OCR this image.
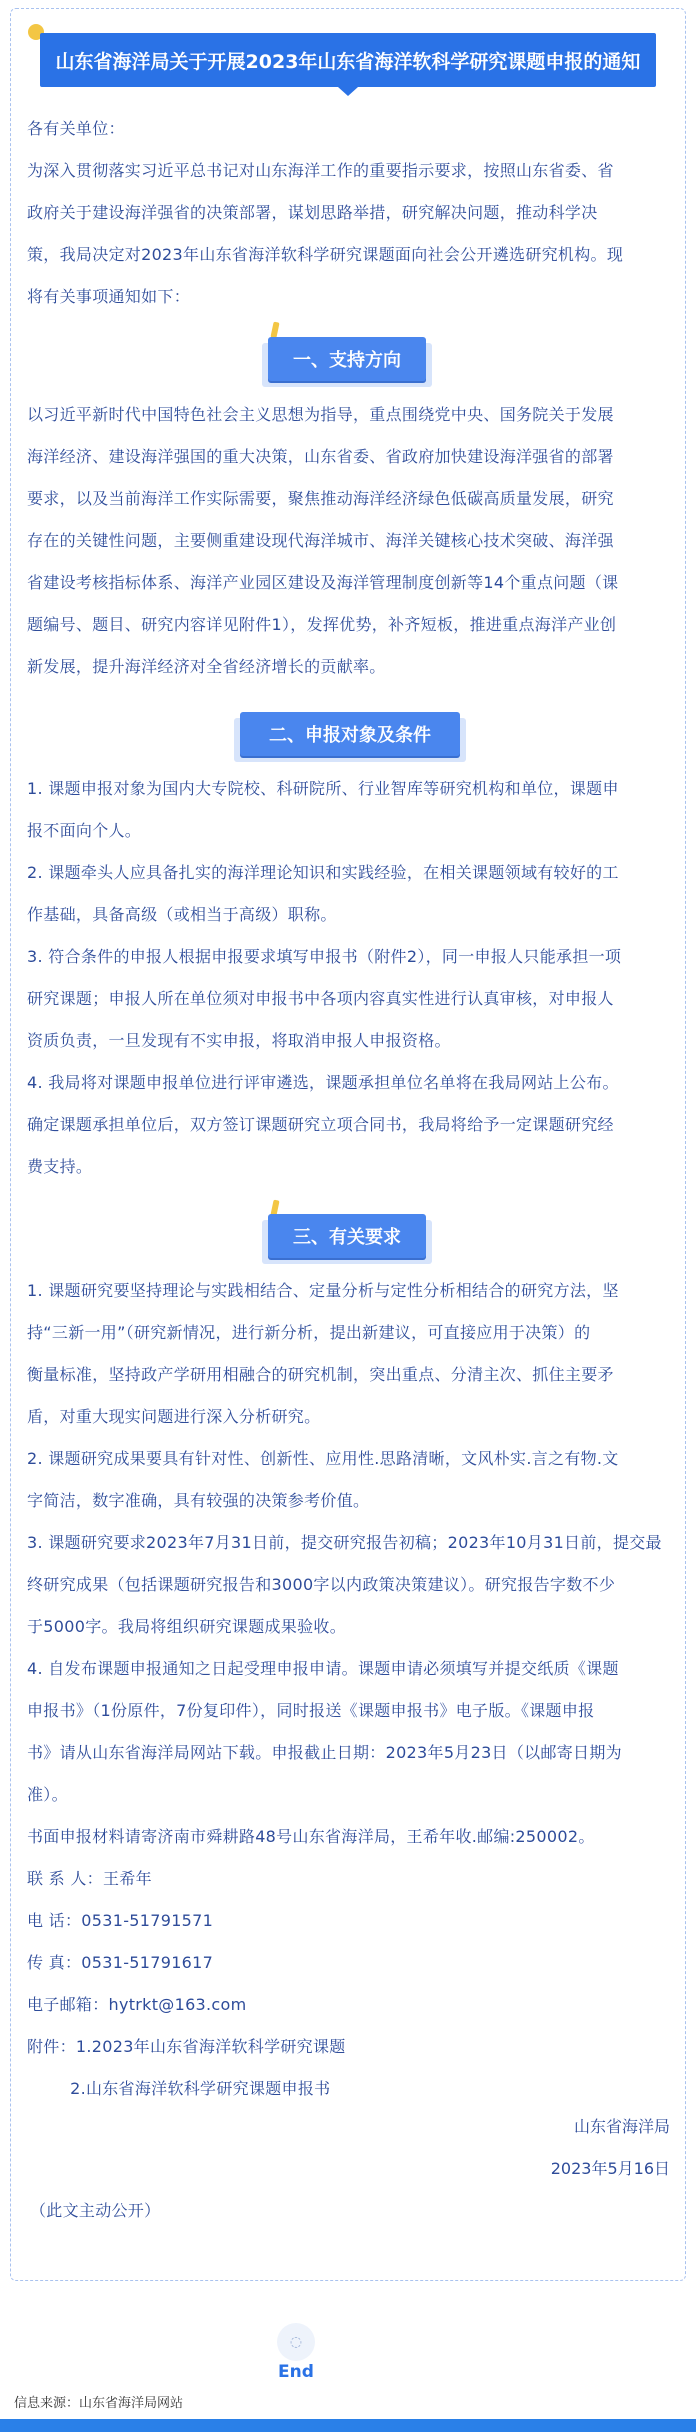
山东省海洋局关于开展2023年山东省海洋软科学研究课题申报的通知
各有关单位：
为深入贯彻落实习近平总书记对山东海洋工作的重要指示要求，按照山东省委、省
政府关于建设海洋强省的决策部署，谋划思路举措，研究解决问题，推动科学决
策，我局决定对2023年山东省海洋软科学研究课题面向社会公开遴选研究机构。现
将有关事项通知如下：
一、支持方向
以习近平新时代中国特色社会主义思想为指导，重点围绕党中央、国务院关于发展
海洋经济、建设海洋强国的重大决策，山东省委、省政府加快建设海洋强省的部署
要求，以及当前海洋工作实际需要，聚焦推动海洋经济绿色低碳高质量发展，研究
存在的关键性问题，主要侧重建设现代海洋城市、海洋关键核心技术突破、海洋强
省建设考核指标体系、海洋产业园区建设及海洋管理制度创新等14个重点问题（课
题编号、题目、研究内容详见附件1），发挥优势，补齐短板，推进重点海洋产业创
新发展，提升海洋经济对全省经济增长的贡献率。
二、申报对象及条件
1. 课题申报对象为国内大专院校、科研院所、行业智库等研究机构和单位，课题申
报不面向个人。
2. 课题牵头人应具备扎实的海洋理论知识和实践经验，在相关课题领域有较好的工
作基础，具备高级（或相当于高级）职称。
3. 符合条件的申报人根据申报要求填写申报书（附件2），同一申报人只能承担一项
研究课题；申报人所在单位须对申报书中各项内容真实性进行认真审核，对申报人
资质负责，一旦发现有不实申报，将取消申报人申报资格。
4. 我局将对课题申报单位进行评审遴选，课题承担单位名单将在我局网站上公布。
确定课题承担单位后，双方签订课题研究立项合同书，我局将给予一定课题研究经
费支持。
三、有关要求
1. 课题研究要坚持理论与实践相结合、定量分析与定性分析相结合的研究方法，坚
持“三新一用”（研究新情况，进行新分析，提出新建议，可直接应用于决策）的
衡量标准，坚持政产学研用相融合的研究机制，突出重点、分清主次、抓住主要矛
盾，对重大现实问题进行深入分析研究。
2. 课题研究成果要具有针对性、创新性、应用性.思路清晰，文风朴实.言之有物.文
字简洁，数字准确，具有较强的决策参考价值。
3. 课题研究要求2023年7月31日前，提交研究报告初稿；2023年10月31日前，提交最
终研究成果（包括课题研究报告和3000字以内政策决策建议）。研究报告字数不少
于5000字。我局将组织研究课题成果验收。
4. 自发布课题申报通知之日起受理申报申请。课题申请必须填写并提交纸质《课题
申报书》（1份原件，7份复印件），同时报送《课题申报书》电子版。《课题申报
书》请从山东省海洋局网站下载。申报截止日期：2023年5月23日（以邮寄日期为
准）。
书面申报材料请寄济南市舜耕路48号山东省海洋局，王希年收.邮编:250002。
联 系 人：王希年
电 话：0531-51791571
传 真：0531-51791617
电子邮箱：hytrkt@163.com
附件：1.2023年山东省海洋软科学研究课题
2.山东省海洋软科学研究课题申报书
山东省海洋局
2023年5月16日
（此文主动公开）
◌
End
信息来源：山东省海洋局网站
